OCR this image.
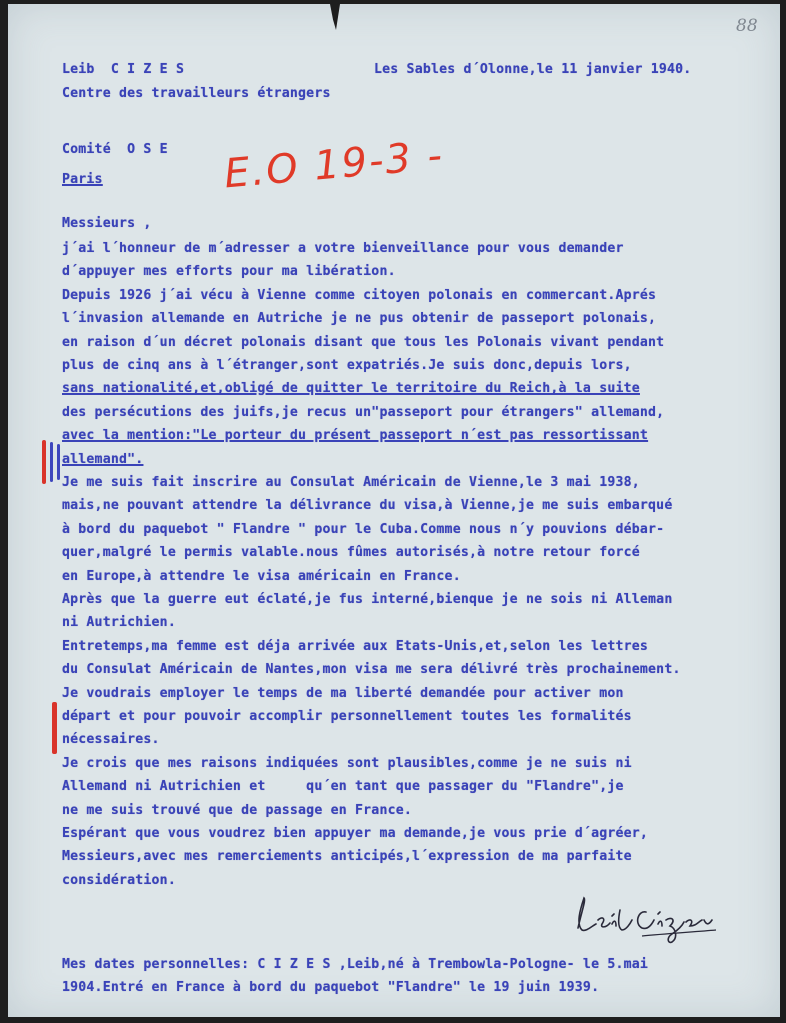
88
Leib  C I Z E S
Centre des travailleurs étrangers
Les Sables d´Olonne,le 11 janvier 1940.
Comité  O S E
Paris	E.O 19-3 -
Messieurs ,

j´ai l´honneur de m´adresser a votre bienveillance pour vous demander

d´appuyer mes efforts pour ma libération.

Depuis 1926 j´ai vécu à Vienne comme citoyen polonais en commercant.Aprés

l´invasion allemande en Autriche je ne pus obtenir de passeport polonais,

en raison d´un décret polonais disant que tous les Polonais vivant pendant

plus de cinq ans à l´étranger,sont expatriés.Je suis donc,depuis lors,

sans nationalité,et,obligé de quitter le territoire du Reich,à la suite

des persécutions des juifs,je recus un"passeport pour étrangers" allemand,

avec la mention:"Le porteur du présent passeport n´est pas ressortissant

allemand".

Je me suis fait inscrire au Consulat Américain de Vienne,le 3 mai 1938,

mais,ne pouvant attendre la délivrance du visa,à Vienne,je me suis embarqué

à bord du paquebot " Flandre " pour le Cuba.Comme nous n´y pouvions débar-

quer,malgré le permis valable.nous fûmes autorisés,à notre retour forcé

en Europe,à attendre le visa américain en France.

Après que la guerre eut éclaté,je fus interné,bienque je ne sois ni Alleman

ni Autrichien.

Entretemps,ma femme est déja arrivée aux Etats-Unis,et,selon les lettres

du Consulat Américain de Nantes,mon visa me sera délivré très prochainement.

Je voudrais employer le temps de ma liberté demandée pour activer mon

départ et pour pouvoir accomplir personnellement toutes les formalités

nécessaires.

Je crois que mes raisons indiquées sont plausibles,comme je ne suis ni

Allemand ni Autrichien et     qu´en tant que passager du "Flandre",je

ne me suis trouvé que de passage en France.

Espérant que vous voudrez bien appuyer ma demande,je vous prie d´agréer,

Messieurs,avec mes remerciements anticipés,l´expression de ma parfaite

considération.

Mes dates personnelles: C I Z E S ,Leib,né à Trembowla-Pologne- le 5.mai
1904.Entré en France à bord du paquebot "Flandre" le 19 juin 1939.
